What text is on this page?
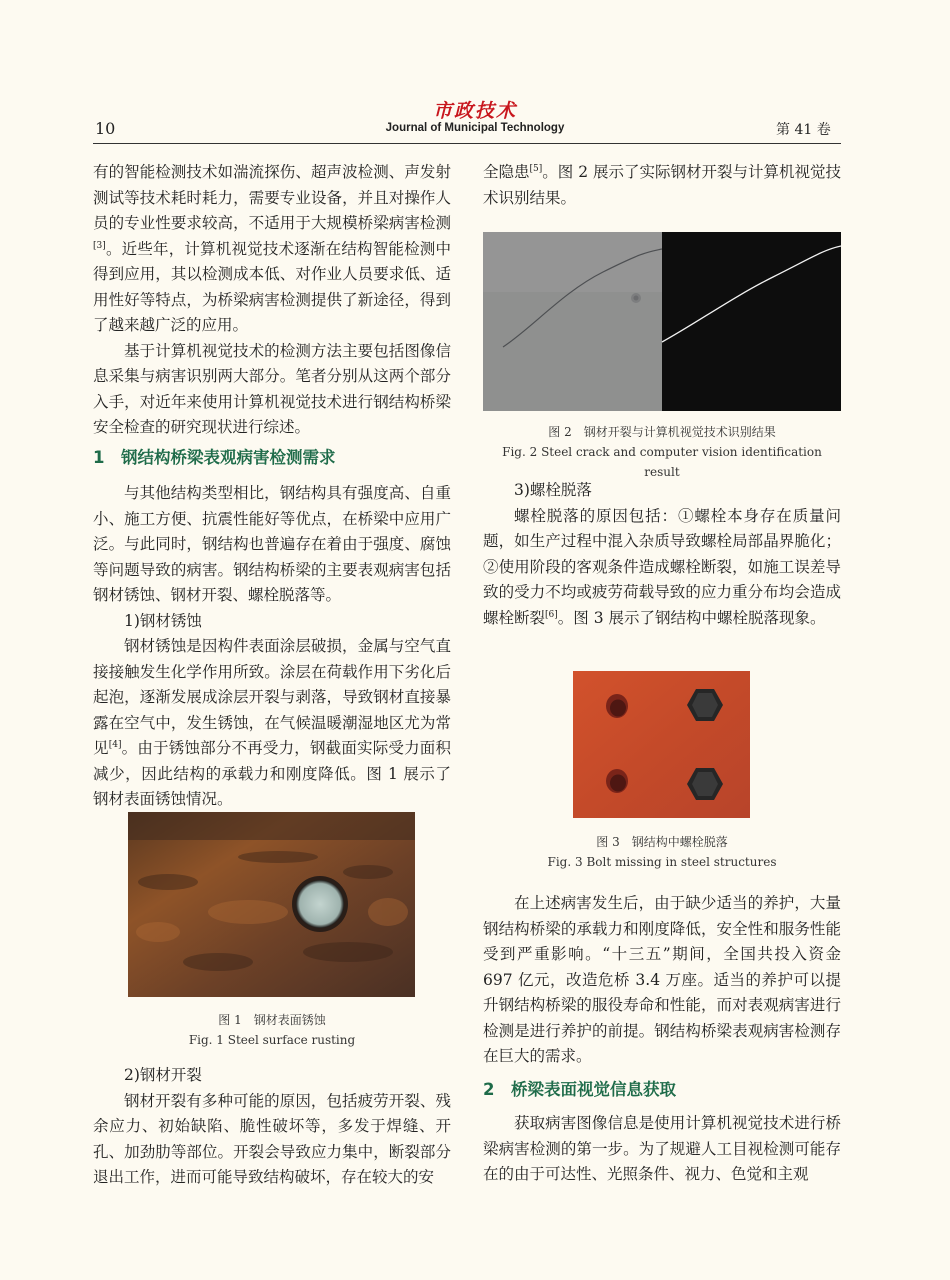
市政技术
10	Journal of Municipal Technology	第 41 卷

有的智能检测技术如湍流探伤、超声波检测、声发射测试等技术耗时耗力，需要专业设备，并且对操作人员的专业性要求较高，不适用于大规模桥梁病害检测[3]。近些年，计算机视觉技术逐渐在结构智能检测中得到应用，其以检测成本低、对作业人员要求低、适用性好等特点，为桥梁病害检测提供了新途径，得到了越来越广泛的应用。

基于计算机视觉技术的检测方法主要包括图像信息采集与病害识别两大部分。笔者分别从这两个部分入手，对近年来使用计算机视觉技术进行钢结构桥梁安全检查的研究现状进行综述。

1 钢结构桥梁表观病害检测需求

与其他结构类型相比，钢结构具有强度高、自重小、施工方便、抗震性能好等优点，在桥梁中应用广泛。与此同时，钢结构也普遍存在着由于强度、腐蚀等问题导致的病害。钢结构桥梁的主要表观病害包括钢材锈蚀、钢材开裂、螺栓脱落等。

1)钢材锈蚀

钢材锈蚀是因构件表面涂层破损，金属与空气直接接触发生化学作用所致。涂层在荷载作用下劣化后起泡，逐渐发展成涂层开裂与剥落，导致钢材直接暴露在空气中，发生锈蚀，在气候温暖潮湿地区尤为常见[4]。由于锈蚀部分不再受力，钢截面实际受力面积减少，因此结构的承载力和刚度降低。图 1 展示了钢材表面锈蚀情况。

图 1　钢材表面锈蚀
Fig. 1 Steel surface rusting

2)钢材开裂

钢材开裂有多种可能的原因，包括疲劳开裂、残余应力、初始缺陷、脆性破坏等，多发于焊缝、开孔、加劲肋等部位。开裂会导致应力集中，断裂部分退出工作，进而可能导致结构破坏，存在较大的安

全隐患[5]。图 2 展示了实际钢材开裂与计算机视觉技术识别结果。

图 2　钢材开裂与计算机视觉技术识别结果
Fig. 2 Steel crack and computer vision identification result

3)螺栓脱落

螺栓脱落的原因包括：①螺栓本身存在质量问题，如生产过程中混入杂质导致螺栓局部晶界脆化；②使用阶段的客观条件造成螺栓断裂，如施工误差导致的受力不均或疲劳荷载导致的应力重分布均会造成螺栓断裂[6]。图 3 展示了钢结构中螺栓脱落现象。

图 3　钢结构中螺栓脱落
Fig. 3 Bolt missing in steel structures

在上述病害发生后，由于缺少适当的养护，大量钢结构桥梁的承载力和刚度降低，安全性和服务性能受到严重影响。“十三五”期间，全国共投入资金 697 亿元，改造危桥 3.4 万座。适当的养护可以提升钢结构桥梁的服役寿命和性能，而对表观病害进行检测是进行养护的前提。钢结构桥梁表观病害检测存在巨大的需求。

2 桥梁表面视觉信息获取

获取病害图像信息是使用计算机视觉技术进行桥梁病害检测的第一步。为了规避人工目视检测可能存在的由于可达性、光照条件、视力、色觉和主观
